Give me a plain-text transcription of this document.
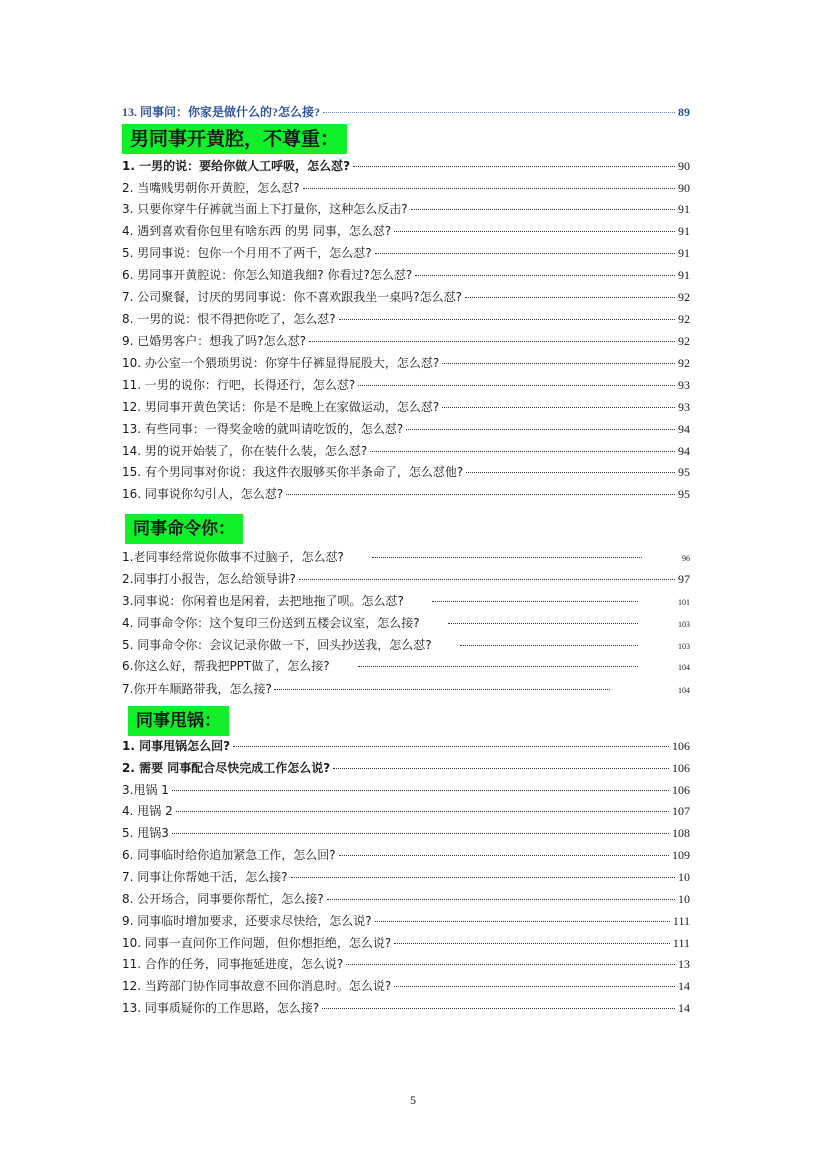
13. 同事问：你家是做什么的?怎么接?	89
男同事开黄腔，不尊重：
1. 一男的说：要给你做人工呼吸，怎么怼?	90
2. 当嘴贱男朝你开黄腔，怎么怼?	90
3. 只要你穿牛仔裤就当面上下打量你，这种怎么反击?	91
4. 遇到喜欢看你包里有啥东西 的男 同事，怎么怼?	91
5. 男同事说：包你一个月用不了两千，怎么怼?	91
6. 男同事开黄腔说：你怎么知道我细? 你看过?怎么怼?	91
7. 公司聚餐，讨厌的男同事说：你不喜欢跟我坐一桌吗?怎么怼?	92
8. 一男的说：恨不得把你吃了，怎么怼?	92
9. 已婚男客户：想我了吗?怎么怼?	92
10. 办公室一个猥琐男说：你穿牛仔裤显得屁股大，怎么怼?	92
11. 一男的说你：行吧，长得还行，怎么怼?	93
12. 男同事开黄色笑话：你是不是晚上在家做运动，怎么怼?	93
13. 有些同事：一得奖金啥的就叫请吃饭的，怎么怼?	94
14. 男的说开始装了，你在装什么装，怎么怼?	94
15. 有个男同事对你说：我这件衣服够买你半条命了，怎么怼他?	95
16. 同事说你勾引人，怎么怼?	95
同事命令你：
1.老同事经常说你做事不过脑子，怎么怼?	96
2.同事打小报告，怎么给领导讲?	97
3.同事说：你闲着也是闲着，去把地拖了呗。怎么怼?	101
4. 同事命令你：这个复印三份送到五楼会议室，怎么接?	103
5. 同事命令你：会议记录你做一下，回头抄送我，怎么怼?	103
6.你这么好，帮我把PPT做了，怎么接?	104
7.你开车顺路带我，怎么接?	104
同事甩锅：
1. 同事甩锅怎么回?	106
2. 需要 同事配合尽快完成工作怎么说?	106
3.甩锅 1	106
4. 甩锅 2	107
5. 甩锅3	108
6. 同事临时给你追加紧急工作，怎么回?	109
7. 同事让你帮她干活，怎么接?	10
8. 公开场合，同事要你帮忙，怎么接?	10
9. 同事临时增加要求，还要求尽快给，怎么说?	111
10. 同事一直问你工作问题，但你想拒绝，怎么说?	111
11. 合作的任务，同事拖延进度，怎么说?	13
12. 当跨部门协作同事故意不回你消息时。怎么说?	14
13. 同事质疑你的工作思路，怎么接?	14
5
